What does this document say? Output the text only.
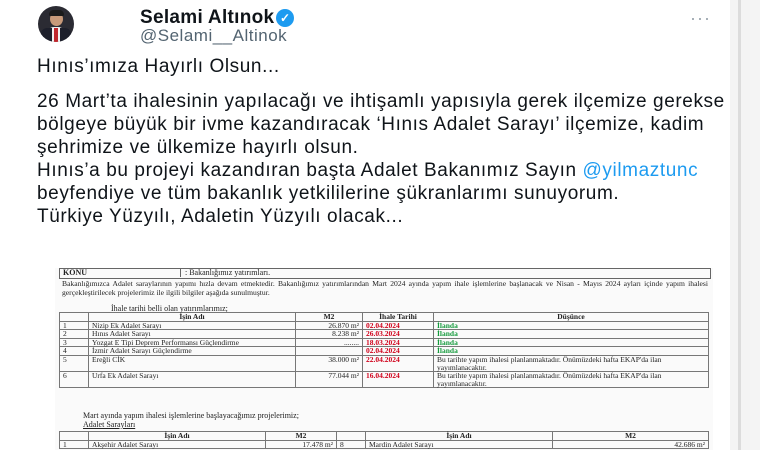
Selami Altınok ✓
@Selami__Altinok
···

Hınıs’ımıza Hayırlı Olsun...

26 Mart’ta ihalesinin yapılacağı ve ihtişamlı yapısıyla gerek ilçemize gerekse bölgeye büyük bir ivme kazandıracak ‘Hınıs Adalet Sarayı’ ilçemize, kadim şehrimize ve ülkemize hayırlı olsun.

Hınıs’a bu projeyi kazandıran başta Adalet Bakanımız Sayın @yilmaztunc beyfendiye ve tüm bakanlık yetkililerine şükranlarımı sunuyorum.

Türkiye Yüzyılı, Adaletin Yüzyılı olacak...

KONU	: Bakanlığımız yatırımları.
Bakanlığımızca Adalet saraylarının yapımı hızla devam etmektedir. Bakanlığımız yatırımlarından Mart 2024 ayında yapım ihale işlemlerine başlanacak ve Nisan - Mayıs 2024 ayları içinde yapım ihalesi gerçekleştirilecek projelerimiz ile ilgili bilgiler aşağıda sunulmuştur.
İhale tarihi belli olan yatırımlarımız;
	İşin Adı	M2	İhale Tarihi	Düşünce
1	Nizip Ek Adalet Sarayı	26.870 m²	02.04.2024	İlanda
2	Hınıs Adalet Sarayı	8.238 m²	26.03.2024	İlanda
3	Yozgat E Tipi Deprem Performansı Güçlendirme	........	18.03.2024	İlanda
4	İzmir Adalet Sarayı Güçlendirme		02.04.2024	İlanda
5	Ereğli CİK	38.000 m²	22.04.2024	Bu tarihte yapım ihalesi planlanmaktadır. Önümüzdeki hafta EKAP'da ilan yayımlanacaktır.
6	Urfa Ek Adalet Sarayı	77.044 m²	16.04.2024	Bu tarihte yapım ihalesi planlanmaktadır. Önümüzdeki hafta EKAP'da ilan yayımlanacaktır.
Mart ayında yapım ihalesi işlemlerine başlayacağımız projelerimiz;
Adalet Sarayları
	İşin Adı	M2		İşin Adı	M2
1	Akşehir Adalet Sarayı	17.478 m²	8	Mardin Adalet Sarayı	42.686 m²
